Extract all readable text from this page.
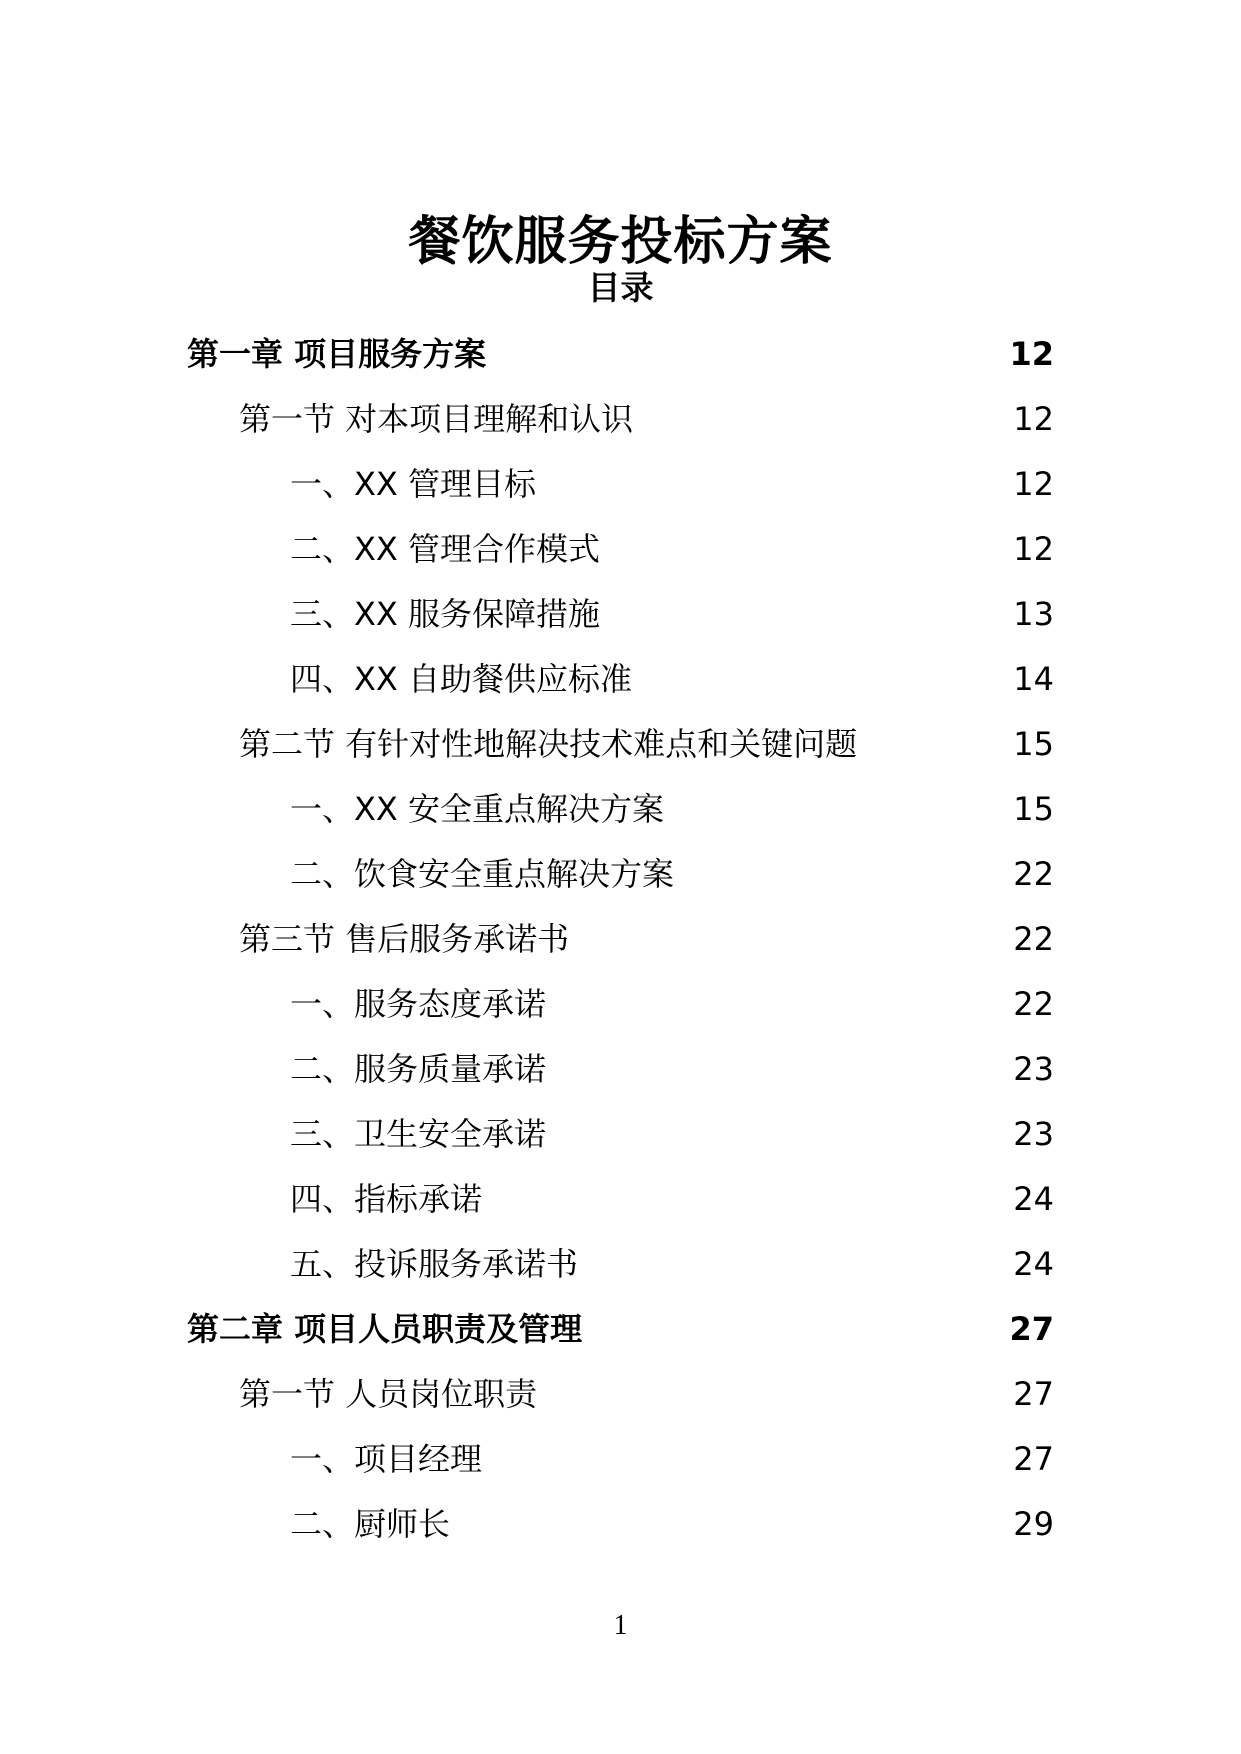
餐饮服务投标方案
目录
第一章 项目服务方案	12
第一节 对本项目理解和认识	12
一、XX 管理目标	12
二、XX 管理合作模式	12
三、XX 服务保障措施	13
四、XX 自助餐供应标准	14
第二节 有针对性地解决技术难点和关键问题	15
一、XX 安全重点解决方案	15
二、饮食安全重点解决方案	22
第三节 售后服务承诺书	22
一、服务态度承诺	22
二、服务质量承诺	23
三、卫生安全承诺	23
四、指标承诺	24
五、投诉服务承诺书	24
第二章 项目人员职责及管理	27
第一节 人员岗位职责	27
一、项目经理	27
二、厨师长	29
1
